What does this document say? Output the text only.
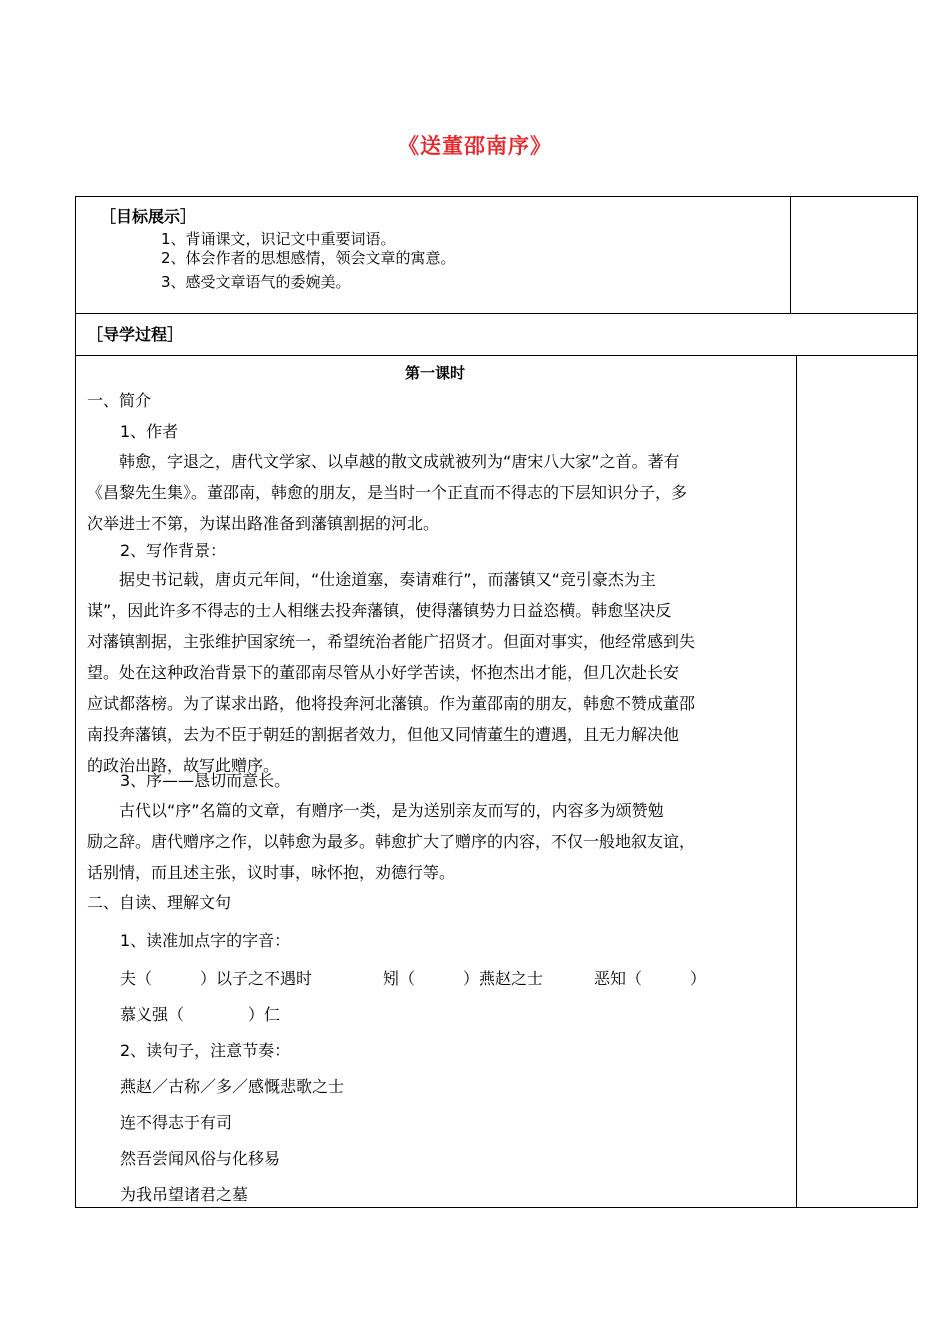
《送董邵南序》
［目标展示］
1、背诵课文，识记文中重要词语。
2、体会作者的思想感情，领会文章的寓意。
3、感受文章语气的委婉美。
［导学过程］
第一课时
一、简介
1、作者
韩愈，字退之，唐代文学家、以卓越的散文成就被列为“唐宋八大家”之首。著有
《昌黎先生集》。董邵南，韩愈的朋友，是当时一个正直而不得志的下层知识分子，多
次举进士不第，为谋出路准备到藩镇割据的河北。
2、写作背景：
据史书记载，唐贞元年间，“仕途道塞，奏请难行”，而藩镇又“竞引豪杰为主
谋”，因此许多不得志的士人相继去投奔藩镇，使得藩镇势力日益恣横。韩愈坚决反
对藩镇割据，主张维护国家统一，希望统治者能广招贤才。但面对事实，他经常感到失
望。处在这种政治背景下的董邵南尽管从小好学苦读，怀抱杰出才能，但几次赴长安
应试都落榜。为了谋求出路，他将投奔河北藩镇。作为董邵南的朋友，韩愈不赞成董邵
南投奔藩镇，去为不臣于朝廷的割据者效力，但他又同情董生的遭遇，且无力解决他
的政治出路，故写此赠序。
3、序——恳切而意长。
古代以“序”名篇的文章，有赠序一类，是为送别亲友而写的，内容多为颂赞勉
励之辞。唐代赠序之作，以韩愈为最多。韩愈扩大了赠序的内容，不仅一般地叙友谊，
话别情，而且述主张，议时事，咏怀抱，劝德行等。
二、自读、理解文句
1、读准加点字的字音：
夫（　　　）以子之不遇时	矧（　　　）燕赵之士	恶知（　　　）
慕义强（　　　　）仁
2、读句子，注意节奏：
燕赵／古称／多／感慨悲歌之士
连不得志于有司
然吾尝闻风俗与化移易
为我吊望诸君之墓
